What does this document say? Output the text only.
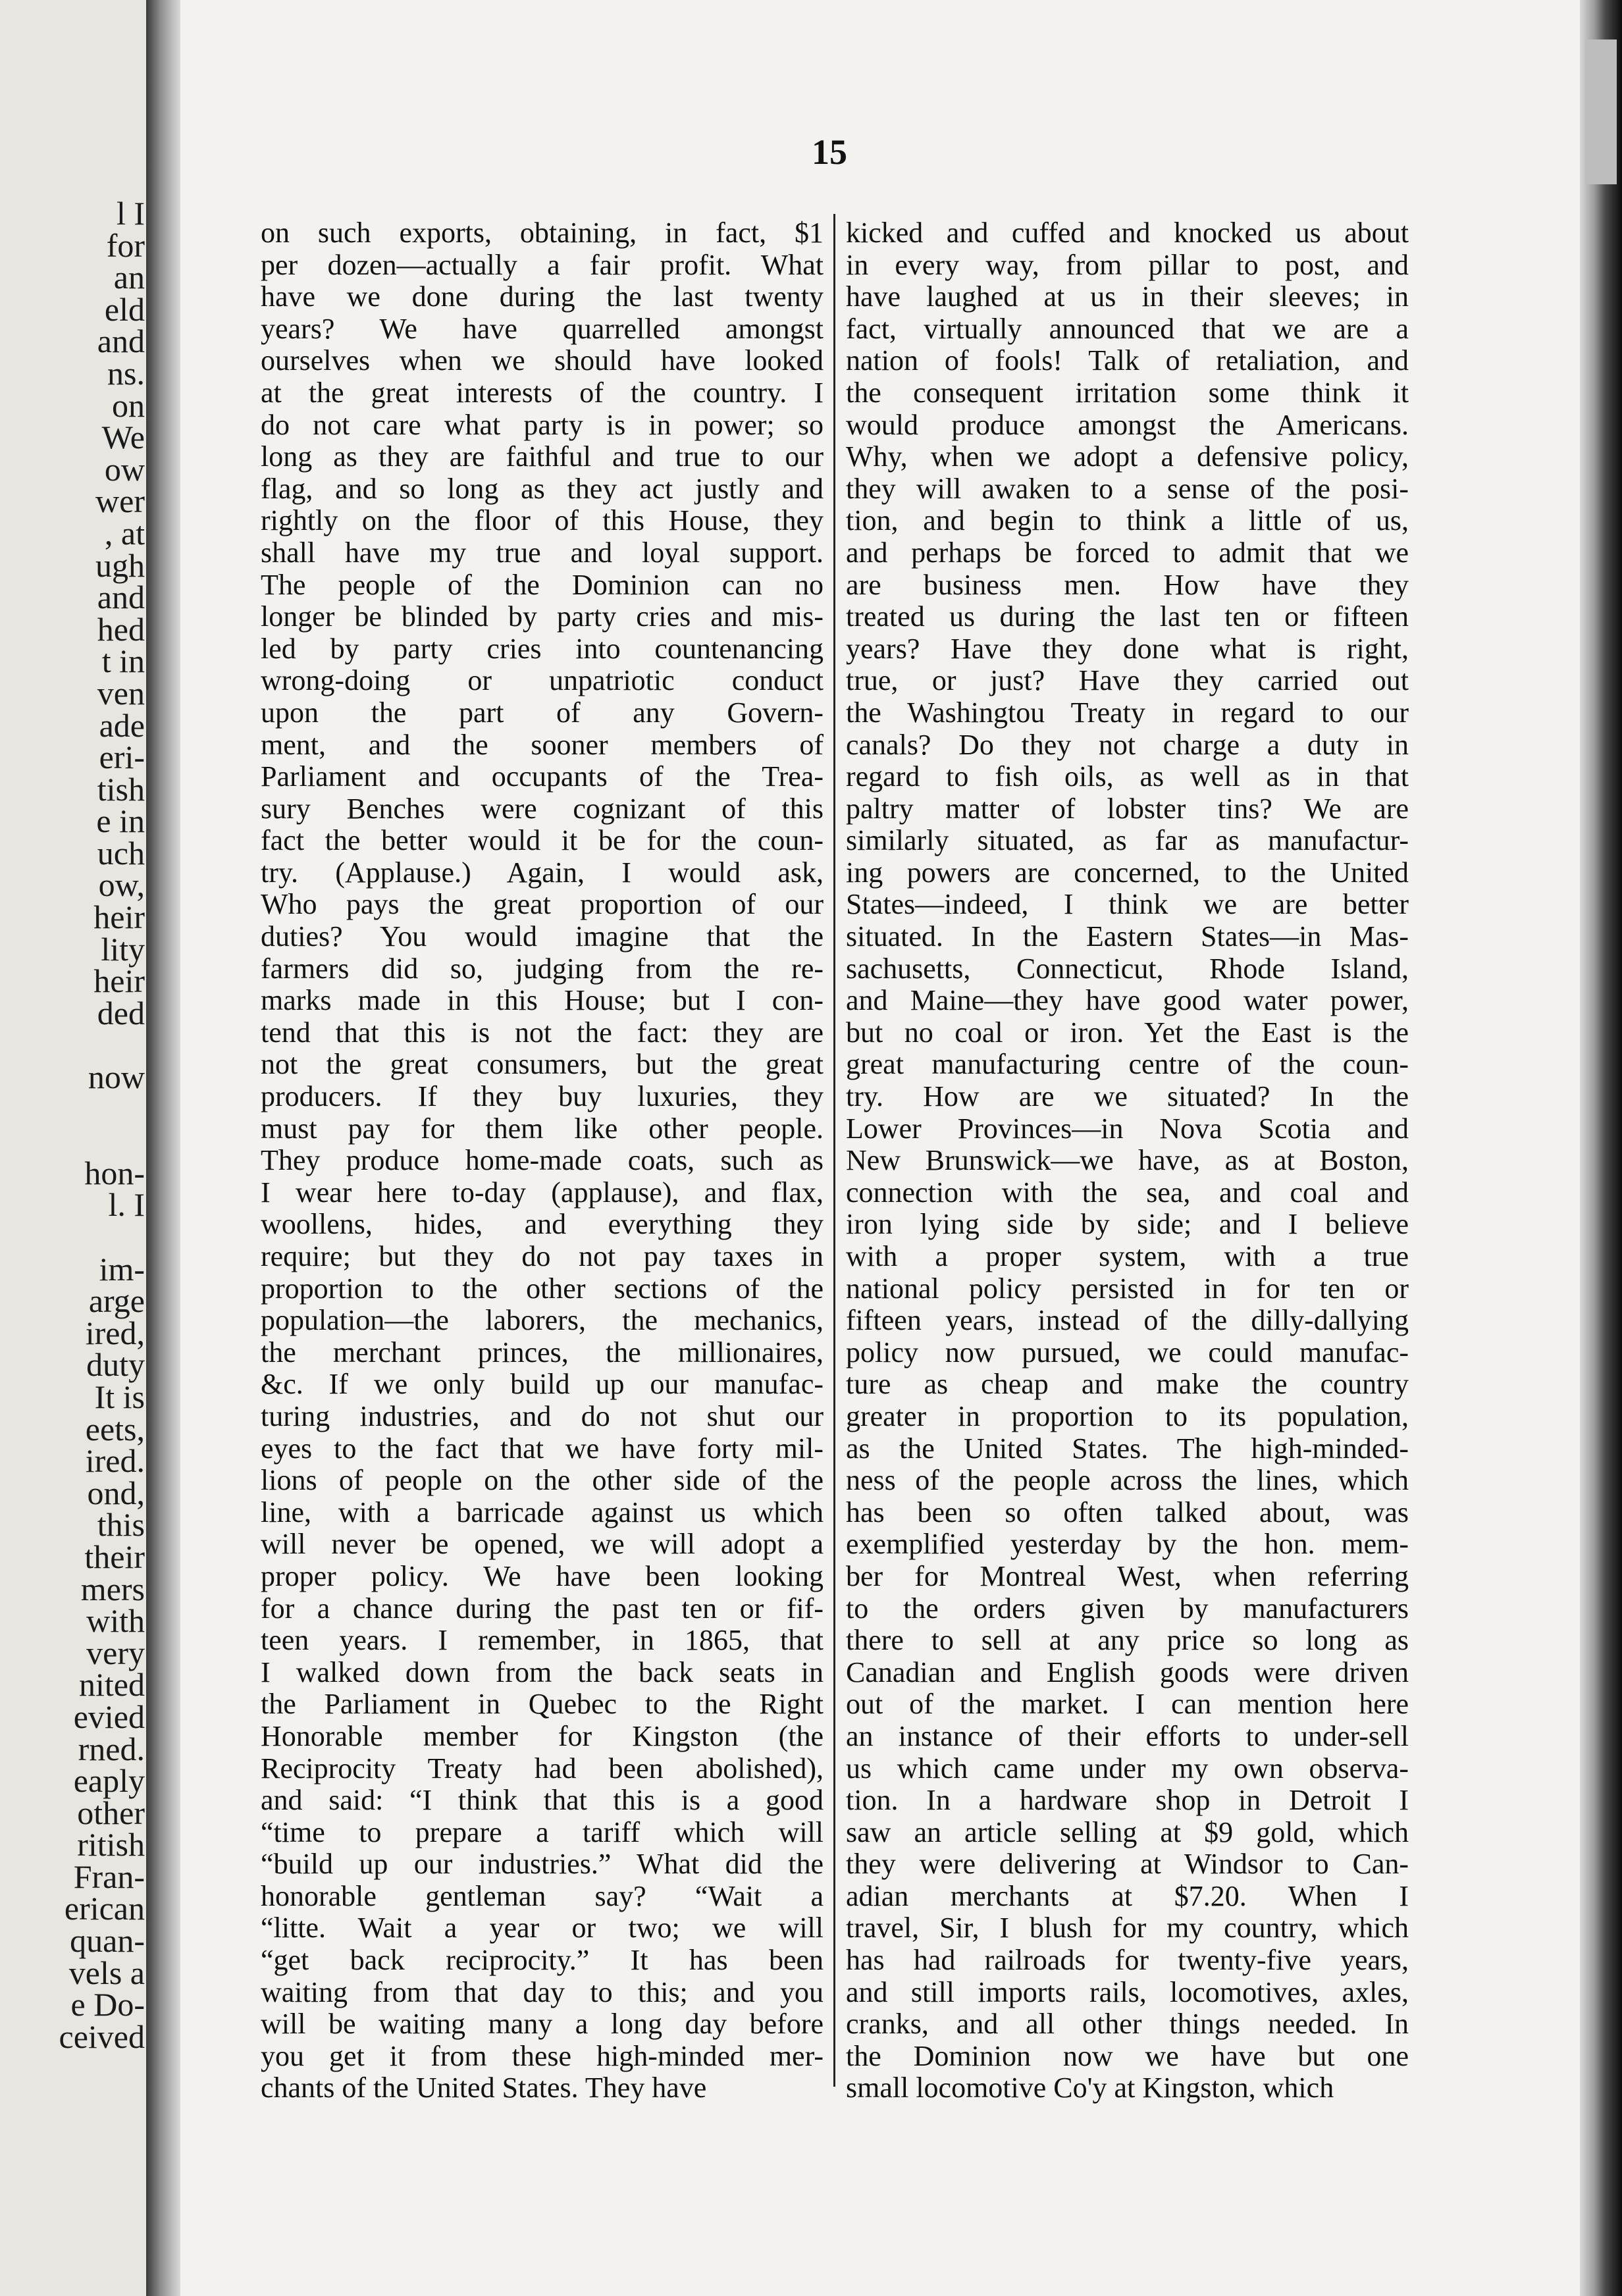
l I
for
an
eld
and
ns.
on
We
ow
wer
, at
ugh
and
hed
t in
ven
ade
eri-
tish
e in
uch
ow,
heir
lity
heir
ded
now
hon-
l. I
im-
arge
ired,
duty
It is
eets,
ired.
ond,
this
their
mers
with
very
nited
evied
rned.
eaply
other
ritish
Fran-
erican
quan-
vels a
e Do-
ceived
15
on such exports, obtaining, in fact, $1
per dozen—actually a fair profit. What
have we done during the last twenty
years? We have quarrelled amongst
ourselves when we should have looked
at the great interests of the country. I
do not care what party is in power; so
long as they are faithful and true to our
flag, and so long as they act justly and
rightly on the floor of this House, they
shall have my true and loyal support.
The people of the Dominion can no
longer be blinded by party cries and mis-
led by party cries into countenancing
wrong-doing or unpatriotic conduct
upon the part of any Govern-
ment, and the sooner members of
Parliament and occupants of the Trea-
sury Benches were cognizant of this
fact the better would it be for the coun-
try. (Applause.) Again, I would ask,
Who pays the great proportion of our
duties? You would imagine that the
farmers did so, judging from the re-
marks made in this House; but I con-
tend that this is not the fact: they are
not the great consumers, but the great
producers. If they buy luxuries, they
must pay for them like other people.
They produce home-made coats, such as
I wear here to-day (applause), and flax,
woollens, hides, and everything they
require; but they do not pay taxes in
proportion to the other sections of the
population—the laborers, the mechanics,
the merchant princes, the millionaires,
&c. If we only build up our manufac-
turing industries, and do not shut our
eyes to the fact that we have forty mil-
lions of people on the other side of the
line, with a barricade against us which
will never be opened, we will adopt a
proper policy. We have been looking
for a chance during the past ten or fif-
teen years. I remember, in 1865, that
I walked down from the back seats in
the Parliament in Quebec to the Right
Honorable member for Kingston (the
Reciprocity Treaty had been abolished),
and said: “I think that this is a good
“time to prepare a tariff which will
“build up our industries.” What did the
honorable gentleman say? “Wait a
“litte. Wait a year or two; we will
“get back reciprocity.” It has been
waiting from that day to this; and you
will be waiting many a long day before
you get it from these high-minded mer-
chants of the United States. They have
kicked and cuffed and knocked us about
in every way, from pillar to post, and
have laughed at us in their sleeves; in
fact, virtually announced that we are a
nation of fools! Talk of retaliation, and
the consequent irritation some think it
would produce amongst the Americans.
Why, when we adopt a defensive policy,
they will awaken to a sense of the posi-
tion, and begin to think a little of us,
and perhaps be forced to admit that we
are business men. How have they
treated us during the last ten or fifteen
years? Have they done what is right,
true, or just? Have they carried out
the Washingtou Treaty in regard to our
canals? Do they not charge a duty in
regard to fish oils, as well as in that
paltry matter of lobster tins? We are
similarly situated, as far as manufactur-
ing powers are concerned, to the United
States—indeed, I think we are better
situated. In the Eastern States—in Mas-
sachusetts, Connecticut, Rhode Island,
and Maine—they have good water power,
but no coal or iron. Yet the East is the
great manufacturing centre of the coun-
try. How are we situated? In the
Lower Provinces—in Nova Scotia and
New Brunswick—we have, as at Boston,
connection with the sea, and coal and
iron lying side by side; and I believe
with a proper system, with a true
national policy persisted in for ten or
fifteen years, instead of the dilly-dallying
policy now pursued, we could manufac-
ture as cheap and make the country
greater in proportion to its population,
as the United States. The high-minded-
ness of the people across the lines, which
has been so often talked about, was
exemplified yesterday by the hon. mem-
ber for Montreal West, when referring
to the orders given by manufacturers
there to sell at any price so long as
Canadian and English goods were driven
out of the market. I can mention here
an instance of their efforts to under-sell
us which came under my own observa-
tion. In a hardware shop in Detroit I
saw an article selling at $9 gold, which
they were delivering at Windsor to Can-
adian merchants at $7.20. When I
travel, Sir, I blush for my country, which
has had railroads for twenty-five years,
and still imports rails, locomotives, axles,
cranks, and all other things needed. In
the Dominion now we have but one
small locomotive Co'y at Kingston, which
